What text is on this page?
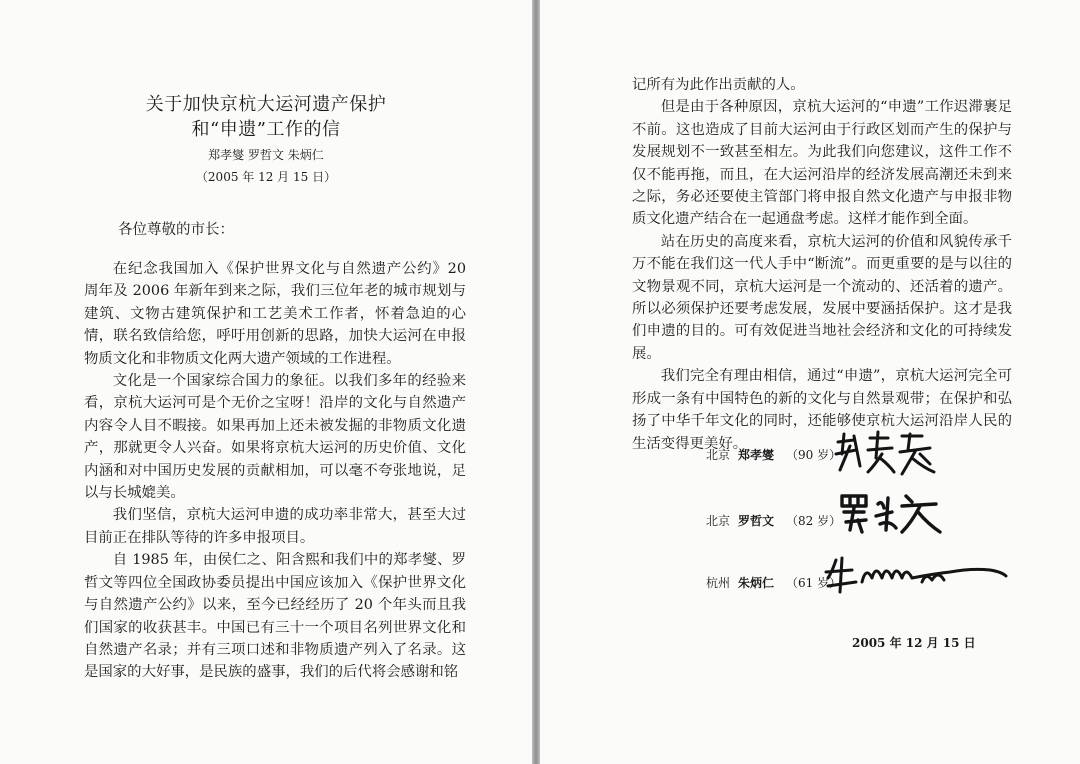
关于加快京杭大运河遗产保护
和“申遗”工作的信
郑孝燮 罗哲文 朱炳仁
（2005 年 12 月 15 日）
各位尊敬的市长：

在纪念我国加入《保护世界文化与自然遗产公约》20 周年及 2006 年新年到来之际，我们三位年老的城市规划与建筑、文物古建筑保护和工艺美术工作者，怀着急迫的心情，联名致信给您，呼吁用创新的思路，加快大运河在申报物质文化和非物质文化两大遗产领域的工作进程。

文化是一个国家综合国力的象征。以我们多年的经验来看，京杭大运河可是个无价之宝呀！沿岸的文化与自然遗产内容令人目不暇接。如果再加上还未被发掘的非物质文化遗产，那就更令人兴奋。如果将京杭大运河的历史价值、文化内涵和对中国历史发展的贡献相加，可以毫不夸张地说，足以与长城媲美。

我们坚信，京杭大运河申遗的成功率非常大，甚至大过目前正在排队等待的许多申报项目。

自 1985 年，由侯仁之、阳含熙和我们中的郑孝燮、罗哲文等四位全国政协委员提出中国应该加入《保护世界文化与自然遗产公约》以来，至今已经经历了 20 个年头而且我们国家的收获甚丰。中国已有三十一个项目名列世界文化和自然遗产名录；并有三项口述和非物质遗产列入了名录。这是国家的大好事，是民族的盛事，我们的后代将会感谢和铭

记所有为此作出贡献的人。

但是由于各种原因，京杭大运河的“申遗”工作迟滞裹足不前。这也造成了目前大运河由于行政区划而产生的保护与发展规划不一致甚至相左。为此我们向您建议，这件工作不仅不能再拖，而且，在大运河沿岸的经济发展高潮还未到来之际，务必还要使主管部门将申报自然文化遗产与申报非物质文化遗产结合在一起通盘考虑。这样才能作到全面。

站在历史的高度来看，京杭大运河的价值和风貌传承千万不能在我们这一代人手中“断流”。而更重要的是与以往的文物景观不同，京杭大运河是一个流动的、还活着的遗产。所以必须保护还要考虑发展，发展中要涵括保护。这才是我们申遗的目的。可有效促进当地社会经济和文化的可持续发展。

我们完全有理由相信，通过“申遗”，京杭大运河完全可形成一条有中国特色的新的文化与自然景观带；在保护和弘扬了中华千年文化的同时，还能够使京杭大运河沿岸人民的生活变得更美好。

北京 郑孝燮 （90 岁）
北京 罗哲文 （82 岁）
杭州 朱炳仁 （61 岁）
2005 年 12 月 15 日
